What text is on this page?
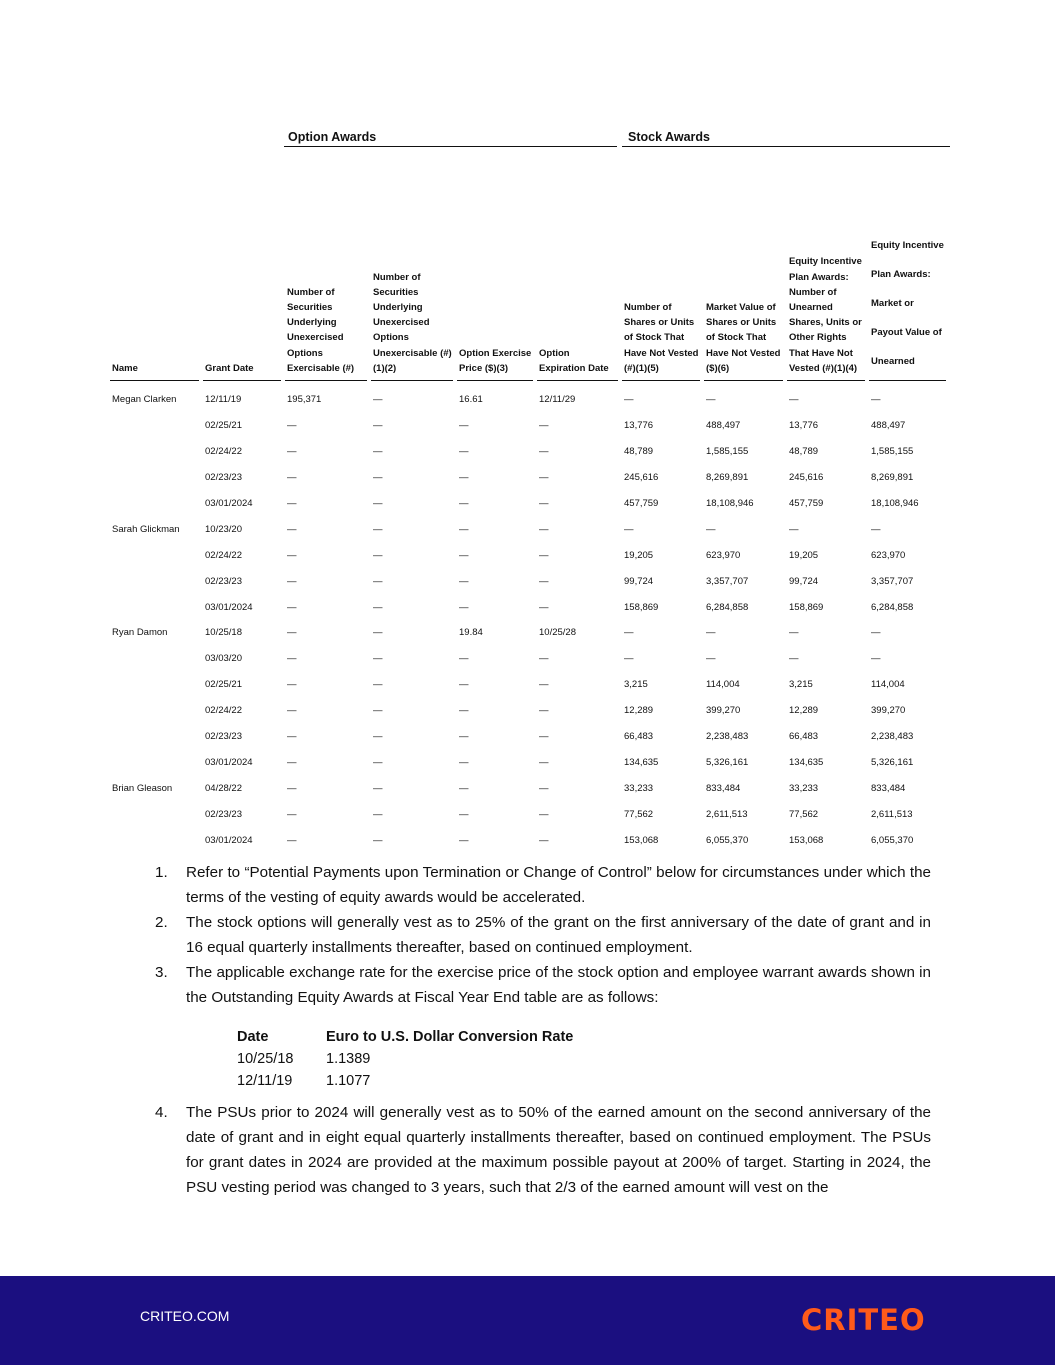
Option Awards	Stock Awards
Name	Grant Date	Number of Securities Underlying Unexercised Options Exercisable (#)	Number of Securities Underlying Unexercised Options Unexercisable (#)(1)(2)	Option Exercise Price ($)(3)	Option Expiration Date	Number of Shares or Units of Stock That Have Not Vested (#)(1)(5)	Market Value of Shares or Units of Stock That Have Not Vested ($)(6)	Equity Incentive Plan Awards: Number of Unearned Shares, Units or Other Rights That Have Not Vested (#)(1)(4)	Equity Incentive Plan Awards: Market or Payout Value of Unearned
Megan Clarken	12/11/19	195,371	—	16.61	12/11/29	—	—	—	—
	02/25/21	—	—	—	—	13,776	488,497	13,776	488,497
	02/24/22	—	—	—	—	48,789	1,585,155	48,789	1,585,155
	02/23/23	—	—	—	—	245,616	8,269,891	245,616	8,269,891
	03/01/2024	—	—	—	—	457,759	18,108,946	457,759	18,108,946
Sarah Glickman	10/23/20	—	—	—	—	—	—	—	—
	02/24/22	—	—	—	—	19,205	623,970	19,205	623,970
	02/23/23	—	—	—	—	99,724	3,357,707	99,724	3,357,707
	03/01/2024	—	—	—	—	158,869	6,284,858	158,869	6,284,858
Ryan Damon	10/25/18	—	—	19.84	10/25/28	—	—	—	—
	03/03/20	—	—	—	—	—	—	—	—
	02/25/21	—	—	—	—	3,215	114,004	3,215	114,004
	02/24/22	—	—	—	—	12,289	399,270	12,289	399,270
	02/23/23	—	—	—	—	66,483	2,238,483	66,483	2,238,483
	03/01/2024	—	—	—	—	134,635	5,326,161	134,635	5,326,161
Brian Gleason	04/28/22	—	—	—	—	33,233	833,484	33,233	833,484
	02/23/23	—	—	—	—	77,562	2,611,513	77,562	2,611,513
	03/01/2024	—	—	—	—	153,068	6,055,370	153,068	6,055,370
1.	Refer to “Potential Payments upon Termination or Change of Control” below for circumstances under which the terms of the vesting of equity awards would be accelerated.
2.	The stock options will generally vest as to 25% of the grant on the first anniversary of the date of grant and in 16 equal quarterly installments thereafter, based on continued employment.
3.	The applicable exchange rate for the exercise price of the stock option and employee warrant awards shown in the Outstanding Equity Awards at Fiscal Year End table are as follows:
Date	Euro to U.S. Dollar Conversion Rate
10/25/18	1.1389
12/11/19	1.1077
4.	The PSUs prior to 2024 will generally vest as to 50% of the earned amount on the second anniversary of the date of grant and in eight equal quarterly installments thereafter, based on continued employment. The PSUs for grant dates in 2024 are provided at the maximum possible payout at 200% of target. Starting in 2024, the PSU vesting period was changed to 3 years, such that 2/3 of the earned amount will vest on the
CRITEO.COM	CRITEO
